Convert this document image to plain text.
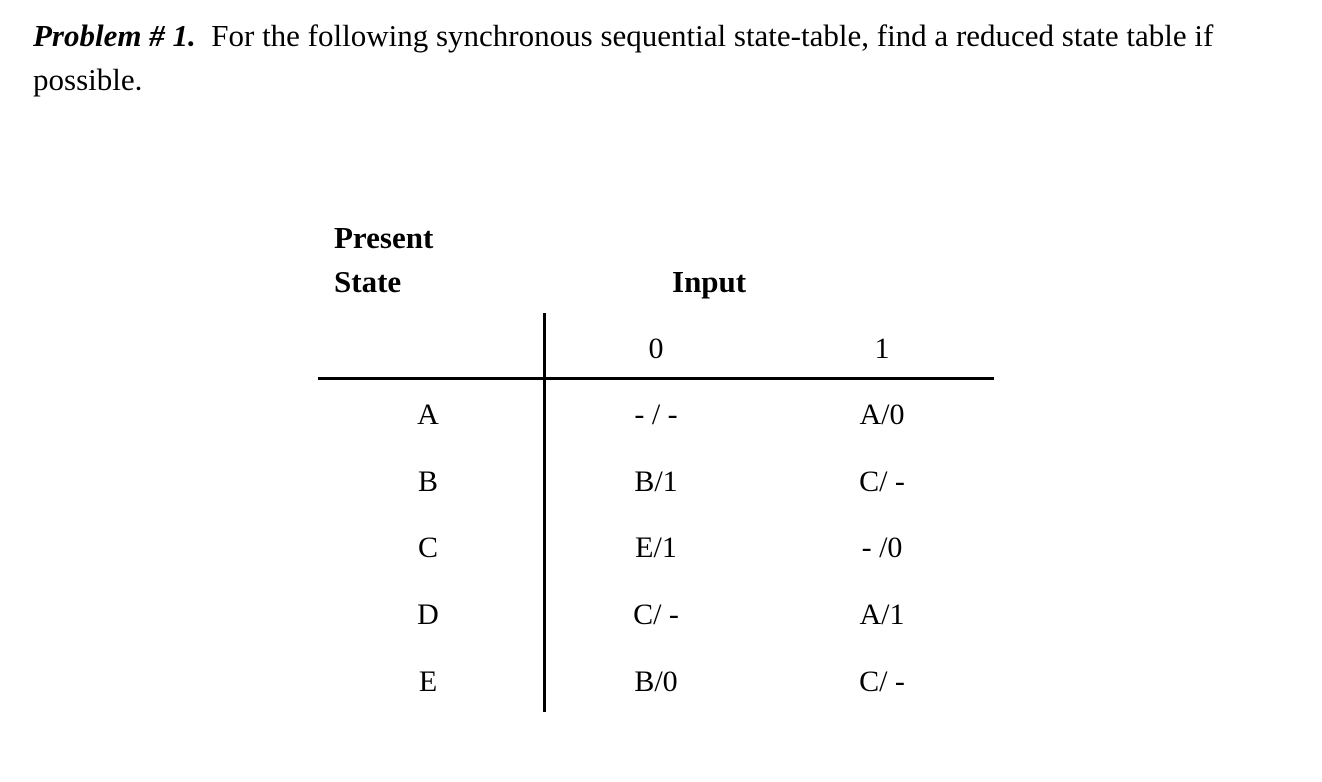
Problem # 1. For the following synchronous sequential state-table, find a reduced state table if possible.
Present
State	Input
0	1
A	- / -	A/0
B	B/1	C/ -
C	E/1	- /0
D	C/ -	A/1
E	B/0	C/ -
